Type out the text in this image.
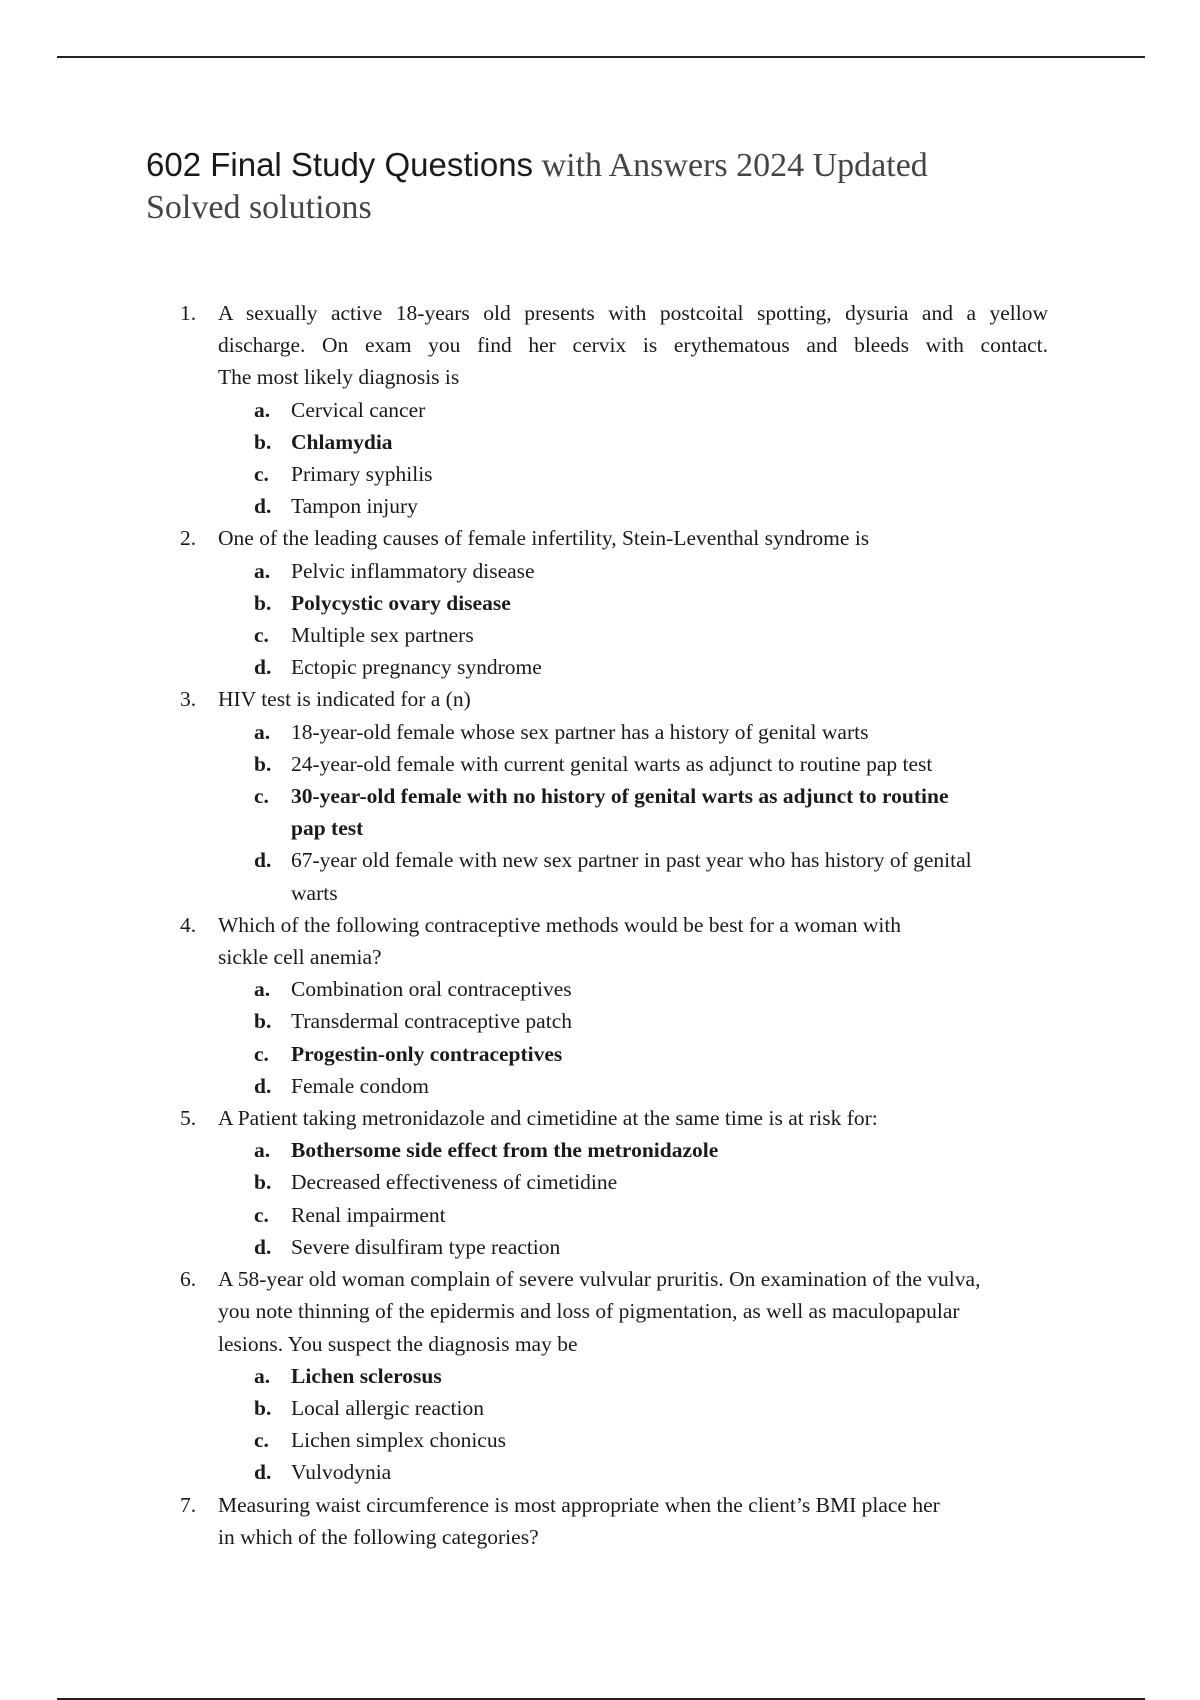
602 Final Study Questions with Answers 2024 Updated
Solved solutions
1. A sexually active 18-years old presents with postcoital spotting, dysuria and a yellow
discharge. On exam you find her cervix is erythematous and bleeds with contact.
The most likely diagnosis is
a. Cervical cancer
b. Chlamydia
c. Primary syphilis
d. Tampon injury
2. One of the leading causes of female infertility, Stein-Leventhal syndrome is
a. Pelvic inflammatory disease
b. Polycystic ovary disease
c. Multiple sex partners
d. Ectopic pregnancy syndrome
3. HIV test is indicated for a (n)
a. 18-year-old female whose sex partner has a history of genital warts
b. 24-year-old female with current genital warts as adjunct to routine pap test
c. 30-year-old female with no history of genital warts as adjunct to routine
pap test
d. 67-year old female with new sex partner in past year who has history of genital
warts
4. Which of the following contraceptive methods would be best for a woman with
sickle cell anemia?
a. Combination oral contraceptives
b. Transdermal contraceptive patch
c. Progestin-only contraceptives
d. Female condom
5. A Patient taking metronidazole and cimetidine at the same time is at risk for:
a. Bothersome side effect from the metronidazole
b. Decreased effectiveness of cimetidine
c. Renal impairment
d. Severe disulfiram type reaction
6. A 58-year old woman complain of severe vulvular pruritis. On examination of the vulva,
you note thinning of the epidermis and loss of pigmentation, as well as maculopapular
lesions. You suspect the diagnosis may be
a. Lichen sclerosus
b. Local allergic reaction
c. Lichen simplex chonicus
d. Vulvodynia
7. Measuring waist circumference is most appropriate when the client’s BMI place her
in which of the following categories?
